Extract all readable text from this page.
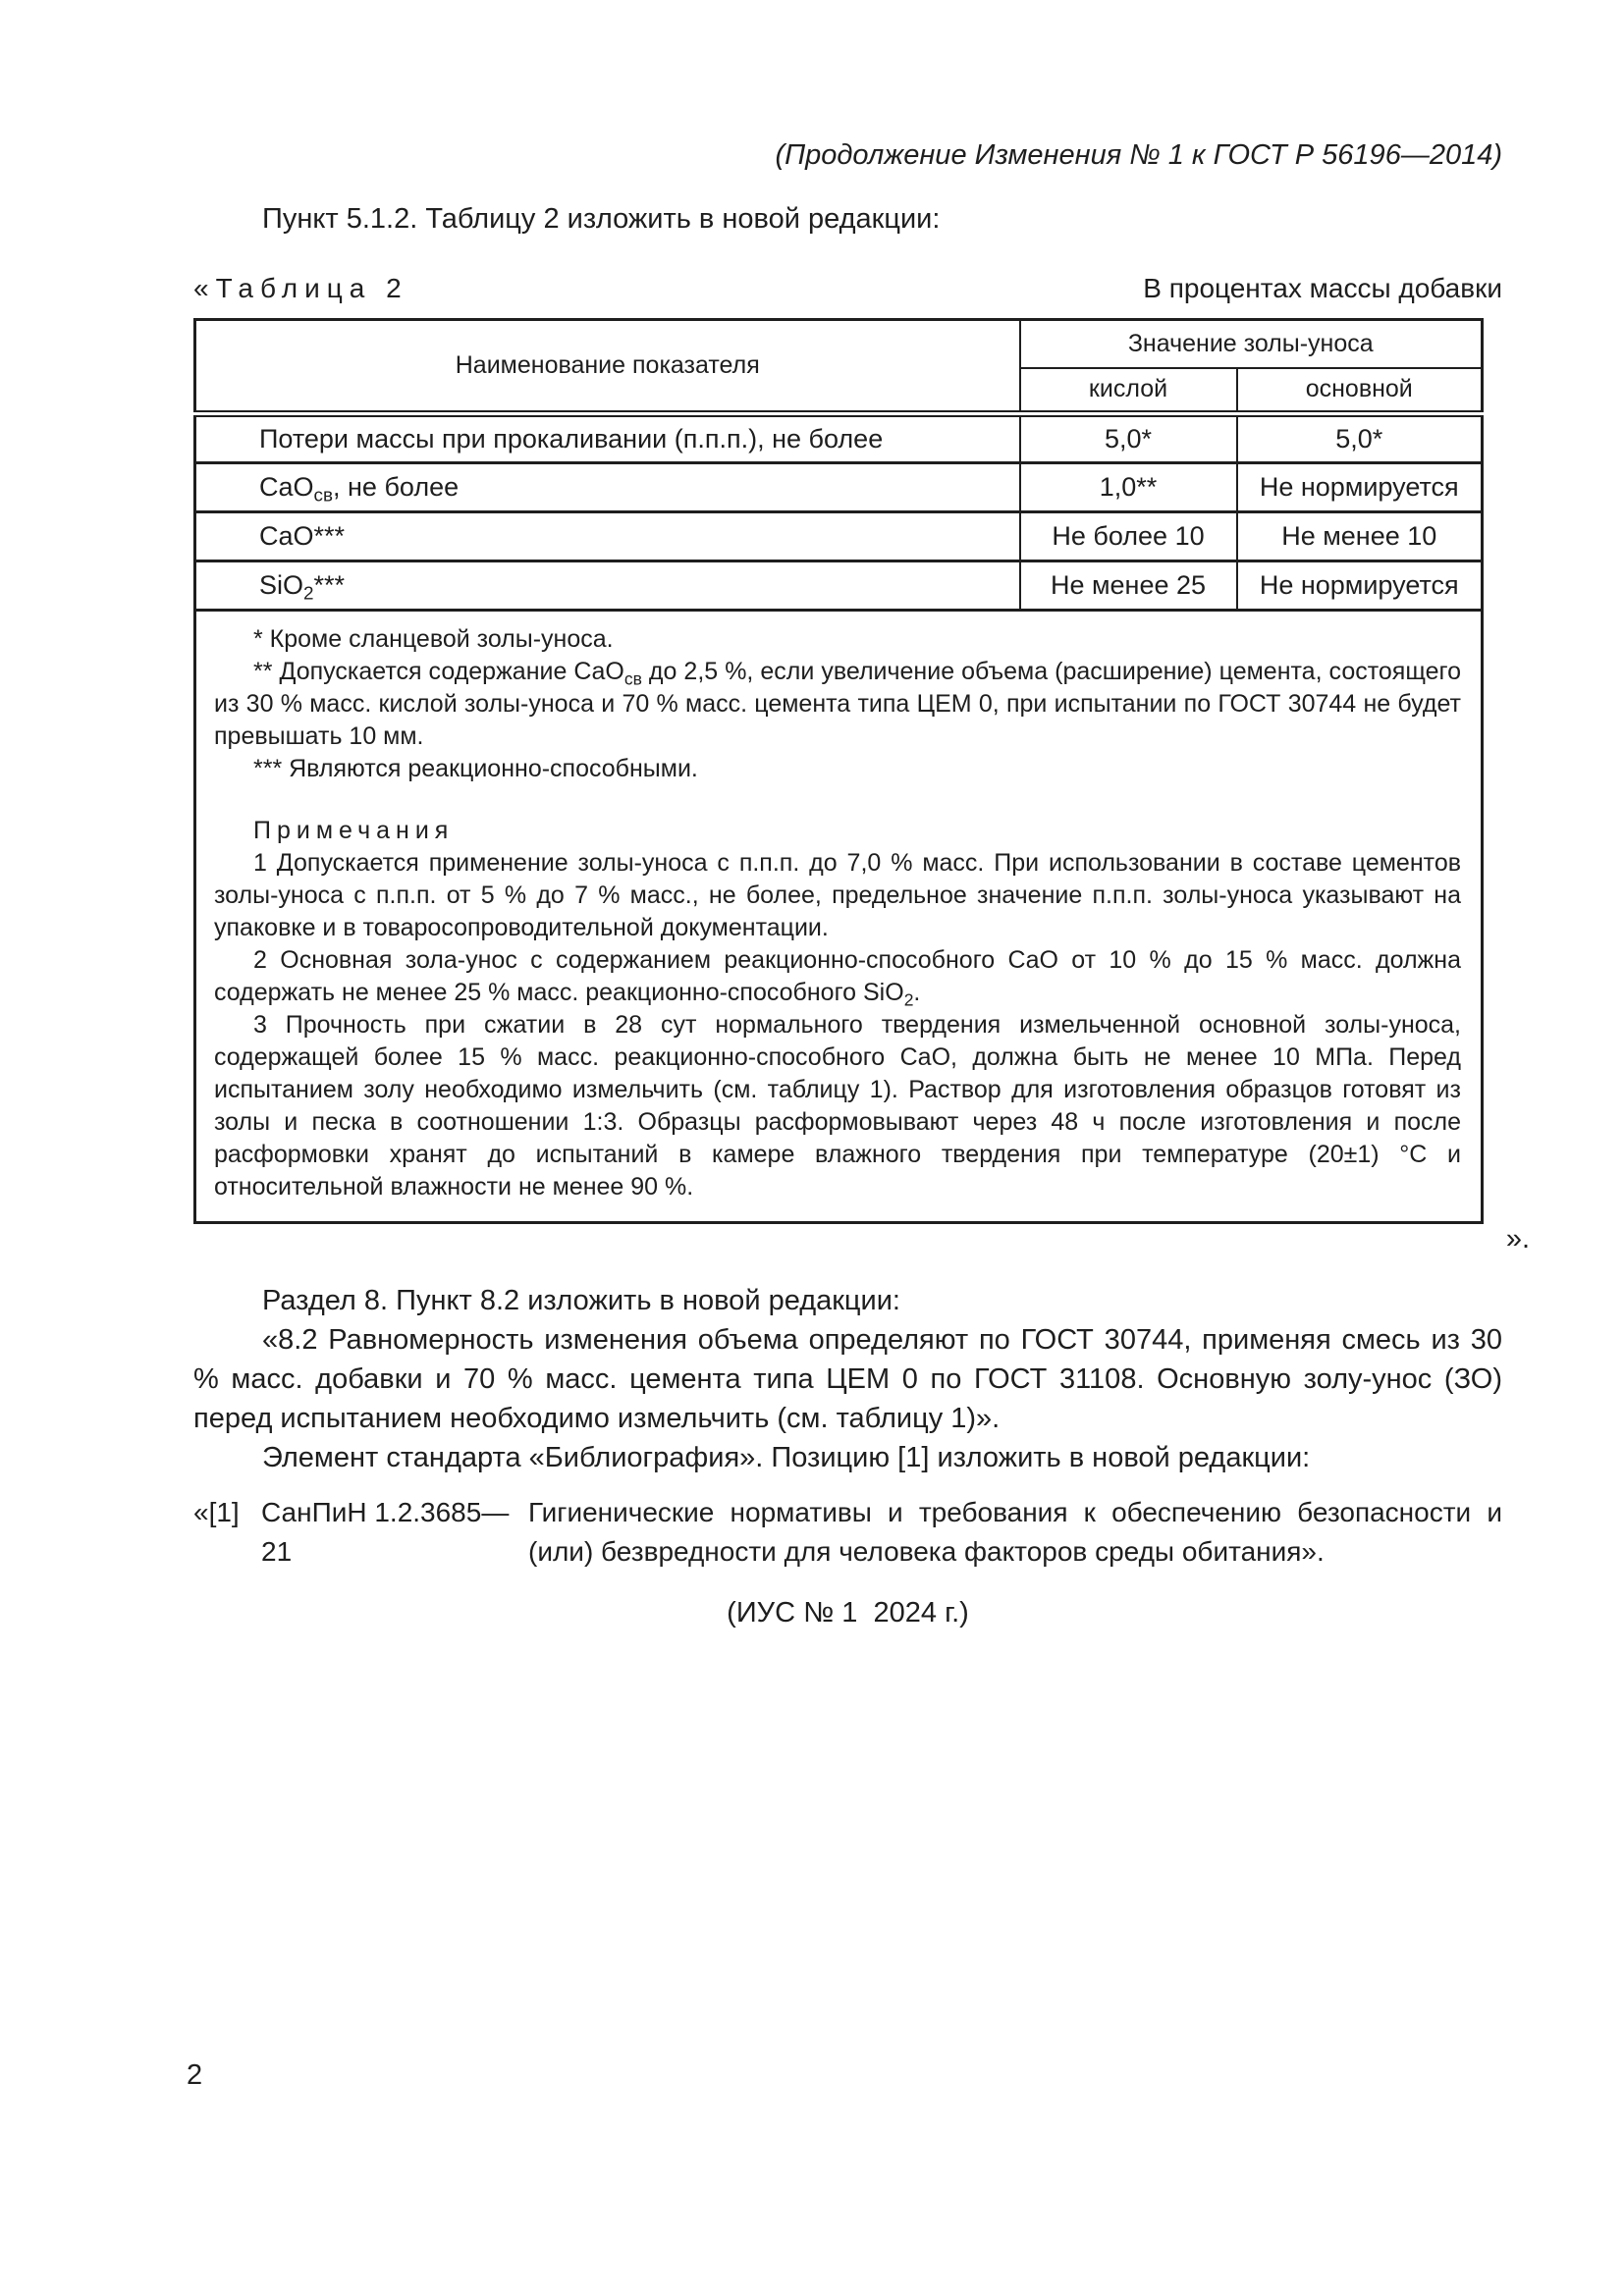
(Продолжение Изменения № 1 к ГОСТ Р 56196—2014)

Пункт 5.1.2. Таблицу 2 изложить в новой редакции:

«Таблица 2	В процентах массы добавки
Наименование показателя	Значение золы-уноса	
	кислой	основной
Потери массы при прокаливании (п.п.п.), не более	5,0*	5,0*
CaO$_{св}$, не более	1,0**	Не нормируется
CaO***	Не более 10	Не менее 10
SiO$_2$***	Не менее 25	Не нормируется

* Кроме сланцевой золы-уноса.

** Допускается содержание CaO$_{св}$ до 2,5 %, если увеличение объема (расширение) цемента, состоящего из 30 % масс. кислой золы-уноса и 70 % масс. цемента типа ЦЕМ 0, при испытании по ГОСТ 30744 не будет превышать 10 мм.

*** Являются реакционно-способными.

Примечания

1 Допускается применение золы-уноса с п.п.п. до 7,0 % масс. При использовании в составе цементов золы-уноса с п.п.п. от 5 % до 7 % масс., не более, предельное значение п.п.п. золы-уноса указывают на упаковке и в товаросопроводительной документации.

2 Основная зола-унос с содержанием реакционно-способного CaO от 10 % до 15 % масс. должна содержать не менее 25 % масс. реакционно-способного SiO$_2$.

3 Прочность при сжатии в 28 сут нормального твердения измельченной основной золы-уноса, содержащей более 15 % масс. реакционно-способного CaO, должна быть не менее 10 МПа. Перед испытанием золу необходимо измельчить (см. таблицу 1). Раствор для изготовления образцов готовят из золы и песка в соотношении 1:3. Образцы расформовывают через 48 ч после изготовления и после расформовки хранят до испытаний в камере влажного твердения при температуре (20±1) °С и относительной влажности не менее 90 %.

».

Раздел 8. Пункт 8.2 изложить в новой редакции:

«8.2 Равномерность изменения объема определяют по ГОСТ 30744, применяя смесь из 30 % масс. добавки и 70 % масс. цемента типа ЦЕМ 0 по ГОСТ 31108. Основную золу-унос (ЗО) перед испытанием необходимо измельчить (см. таблицу 1)».

Элемент стандарта «Библиография». Позицию [1] изложить в новой редакции:

«[1] СанПиН 1.2.3685—21
Гигиенические нормативы и требования к обеспечению безопасности и (или) безвредности для человека факторов среды обитания».
(ИУС № 1  2024 г.)
2
